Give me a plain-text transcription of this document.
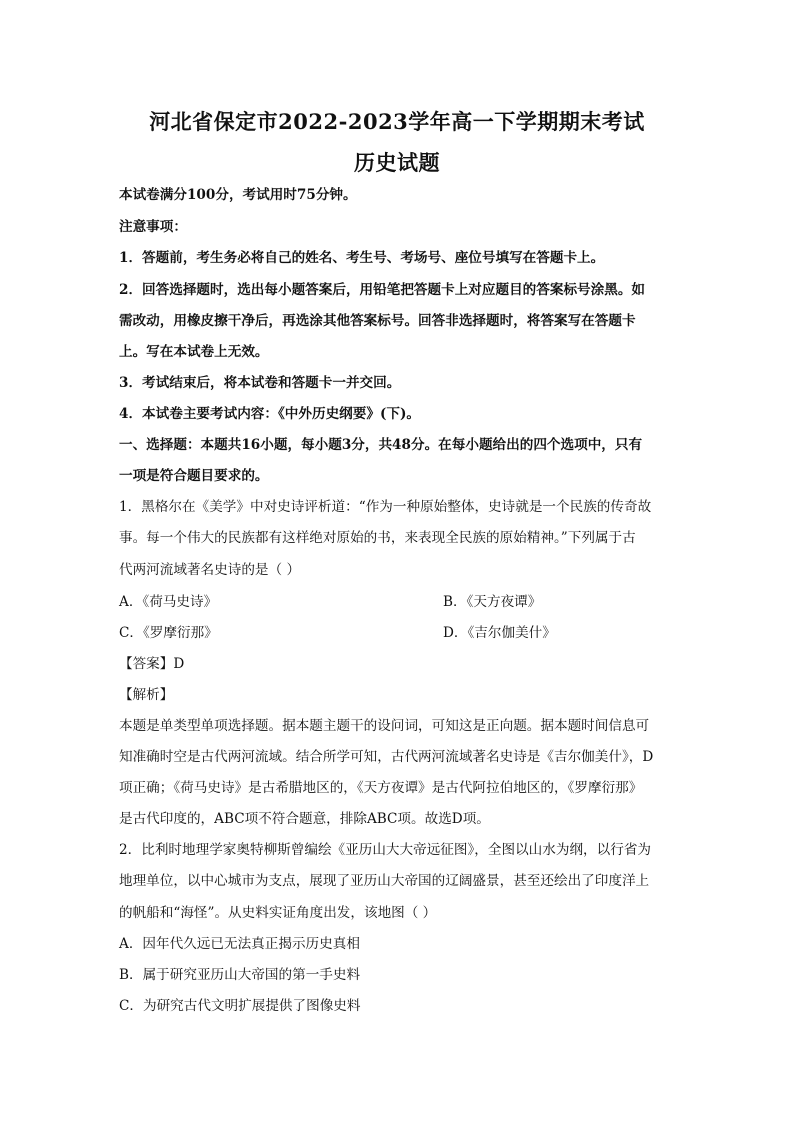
河北省保定市2022-2023学年高一下学期期末考试
历史试题
本试卷满分100分，考试用时75分钟。
注意事项：
1．答题前，考生务必将自己的姓名、考生号、考场号、座位号填写在答题卡上。
2．回答选择题时，选出每小题答案后，用铅笔把答题卡上对应题目的答案标号涂黑。如
需改动，用橡皮擦干净后，再选涂其他答案标号。回答非选择题时，将答案写在答题卡
上。写在本试卷上无效。
3．考试结束后，将本试卷和答题卡一并交回。
4．本试卷主要考试内容：《中外历史纲要》(下)。
一、选择题：本题共16小题，每小题3分，共48分。在每小题给出的四个选项中，只有
一项是符合题目要求的。
1．黑格尔在《美学》中对史诗评析道：“作为一种原始整体，史诗就是一个民族的传奇故
事。每一个伟大的民族都有这样绝对原始的书，来表现全民族的原始精神。”下列属于古
代两河流域著名史诗的是（ ）
A．《荷马史诗》	B．《天方夜谭》
C．《罗摩衍那》	D．《吉尔伽美什》
【答案】D
【解析】
本题是单类型单项选择题。据本题主题干的设问词，可知这是正向题。据本题时间信息可
知准确时空是古代两河流域。结合所学可知，古代两河流域著名史诗是《吉尔伽美什》，D
项正确；《荷马史诗》是古希腊地区的，《天方夜谭》是古代阿拉伯地区的，《罗摩衍那》
是古代印度的，ABC项不符合题意，排除ABC项。故选D项。
2．比利时地理学家奥特柳斯曾编绘《亚历山大大帝远征图》，全图以山水为纲，以行省为
地理单位，以中心城市为支点，展现了亚历山大帝国的辽阔盛景，甚至还绘出了印度洋上
的帆船和“海怪”。从史料实证角度出发，该地图（ ）
A．因年代久远已无法真正揭示历史真相
B．属于研究亚历山大帝国的第一手史料
C．为研究古代文明扩展提供了图像史料
